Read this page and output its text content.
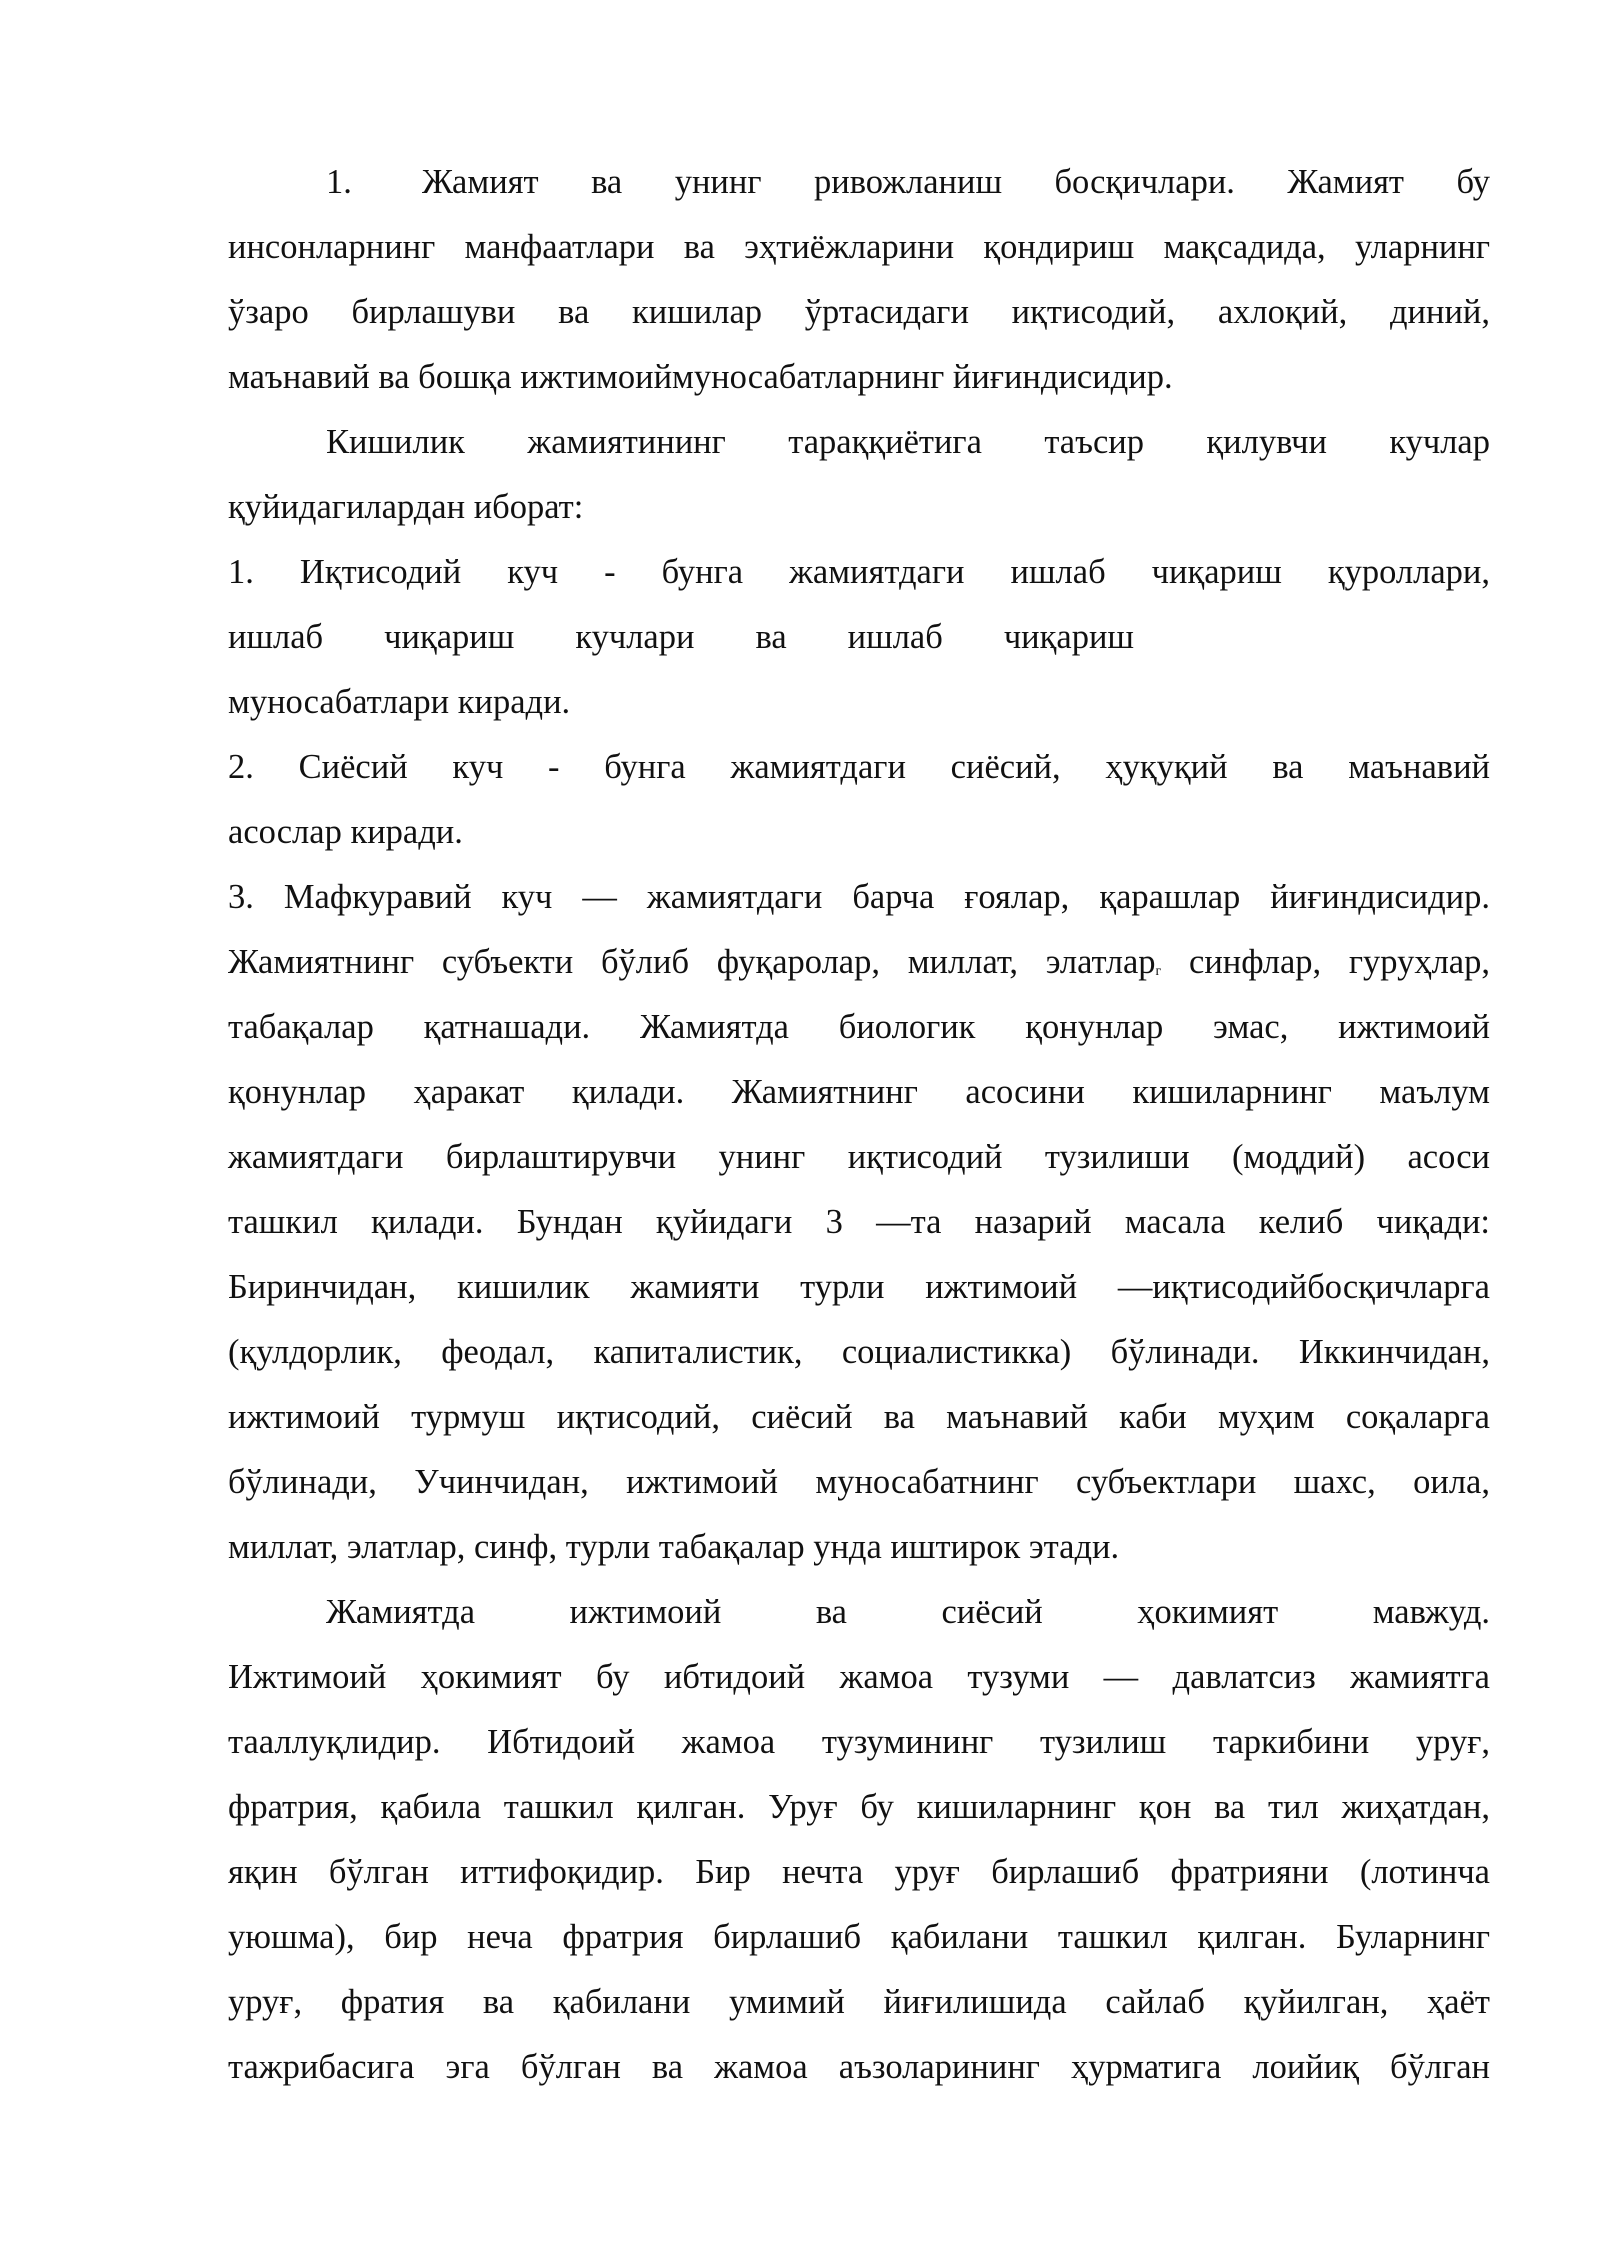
1. Жамият ва унинг ривожланиш босқичлари. Жамият бу
инсонларнинг манфаатлари ва эҳтиёжларини қондириш мақсадида, уларнинг
ўзаро бирлашуви ва кишилар ўртасидаги иқтисодий, ахлоқий, диний,
маънавий ва бошқа ижтимоиймуносабатларнинг йиғиндисидир.
Кишилик жамиятининг тараққиётига таъсир қилувчи кучлар
қуйидагилардан иборат:
1. Иқтисодий куч - бунга жамиятдаги ишлаб чиқариш қуроллари,
ишлаб чиқариш кучлари ва ишлаб чиқариш
муносабатлари киради.
2. Сиёсий куч - бунга жамиятдаги сиёсий, ҳуқуқий ва маънавий
асослар киради.
3. Мафкуравий куч — жамиятдаги барча ғоялар, қарашлар йиғиндисидир.
Жамиятнинг субъекти бўлиб фуқаролар, миллат, элатлар$_г$ синфлар, гуруҳлар,
табақалар қатнашади. Жамиятда биологик қонунлар эмас, ижтимоий
қонунлар ҳаракат қилади. Жамиятнинг асосини кишиларнинг маълум
жамиятдаги бирлаштирувчи унинг иқтисодий тузилиши (моддий) асоси
ташкил қилади. Бундан қуйидаги 3 —та назарий масала келиб чиқади:
Биринчидан, кишилик жамияти турли ижтимоий —иқтисодийбосқичларга
(қулдорлик, феодал, капиталистик, социалистикка) бўлинади. Иккинчидан,
ижтимоий турмуш иқтисодий, сиёсий ва маънавий каби муҳим соқаларга
бўлинади, Учинчидан, ижтимоий муносабатнинг субъектлари шахс, оила,
миллат, элатлар, синф, турли табақалар унда иштирок этади.
Жамиятда ижтимоий ва сиёсий ҳокимият мавжуд.
Ижтимоий ҳокимият бу ибтидоий жамоа тузуми — давлатсиз жамиятга
тааллуқлидир. Ибтидоий жамоа тузумининг тузилиш таркибини уруғ,
фратрия, қабила ташкил қилган. Уруғ бу кишиларнинг қон ва тил жиҳатдан,
яқин бўлган иттифоқидир. Бир нечта уруғ бирлашиб фратрияни (лотинча
уюшма), бир неча фратрия бирлашиб қабилани ташкил қилган. Буларнинг
уруғ, фратия ва қабилани умимий йиғилишида сайлаб қуйилган, ҳаёт
тажрибасига эга бўлган ва жамоа аъзоларининг ҳурматига лоийиқ бўлган
